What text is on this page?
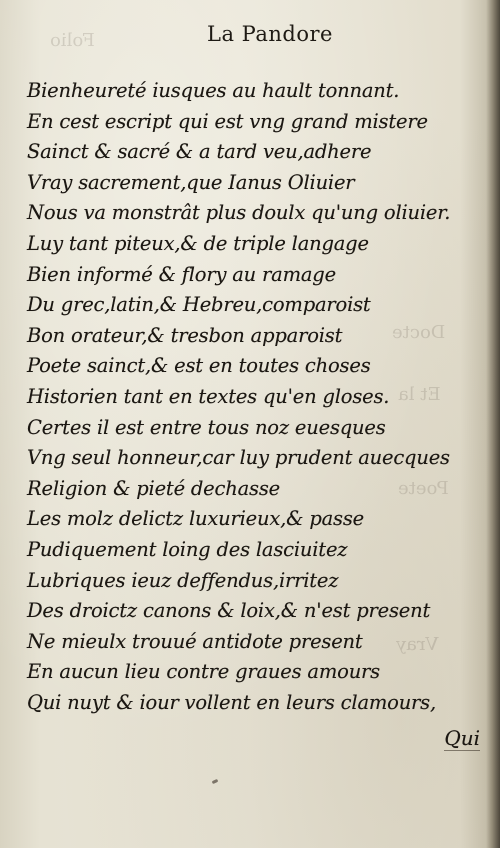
Folio
Docte
Et la
Poete
Vray
La Pandore
Bienheureté iusques au hault tonnant.
En cest escript qui est vng grand mistere
Sainct & sacré & a tard veu,adhere
Vray sacrement,que Ianus Oliuier
Nous va monstrât plus doulx qu'ung oliuier.
Luy tant piteux,& de triple langage
Bien informé & flory au ramage
Du grec,latin,& Hebreu,comparoist
Bon orateur,& tresbon apparoist
Poete sainct,& est en toutes choses
Historien tant en textes qu'en gloses.
Certes il est entre tous noz euesques
Vng seul honneur,car luy prudent auecques
Religion & pieté dechasse
Les molz delictz luxurieux,& passe
Pudiquement loing des lasciuitez
Lubriques ieuz deffendus,irritez
Des droictz canons & loix,& n'est present
Ne mieulx trouué antidote present
En aucun lieu contre graues amours
Qui nuyt & iour vollent en leurs clamours,
Qui
